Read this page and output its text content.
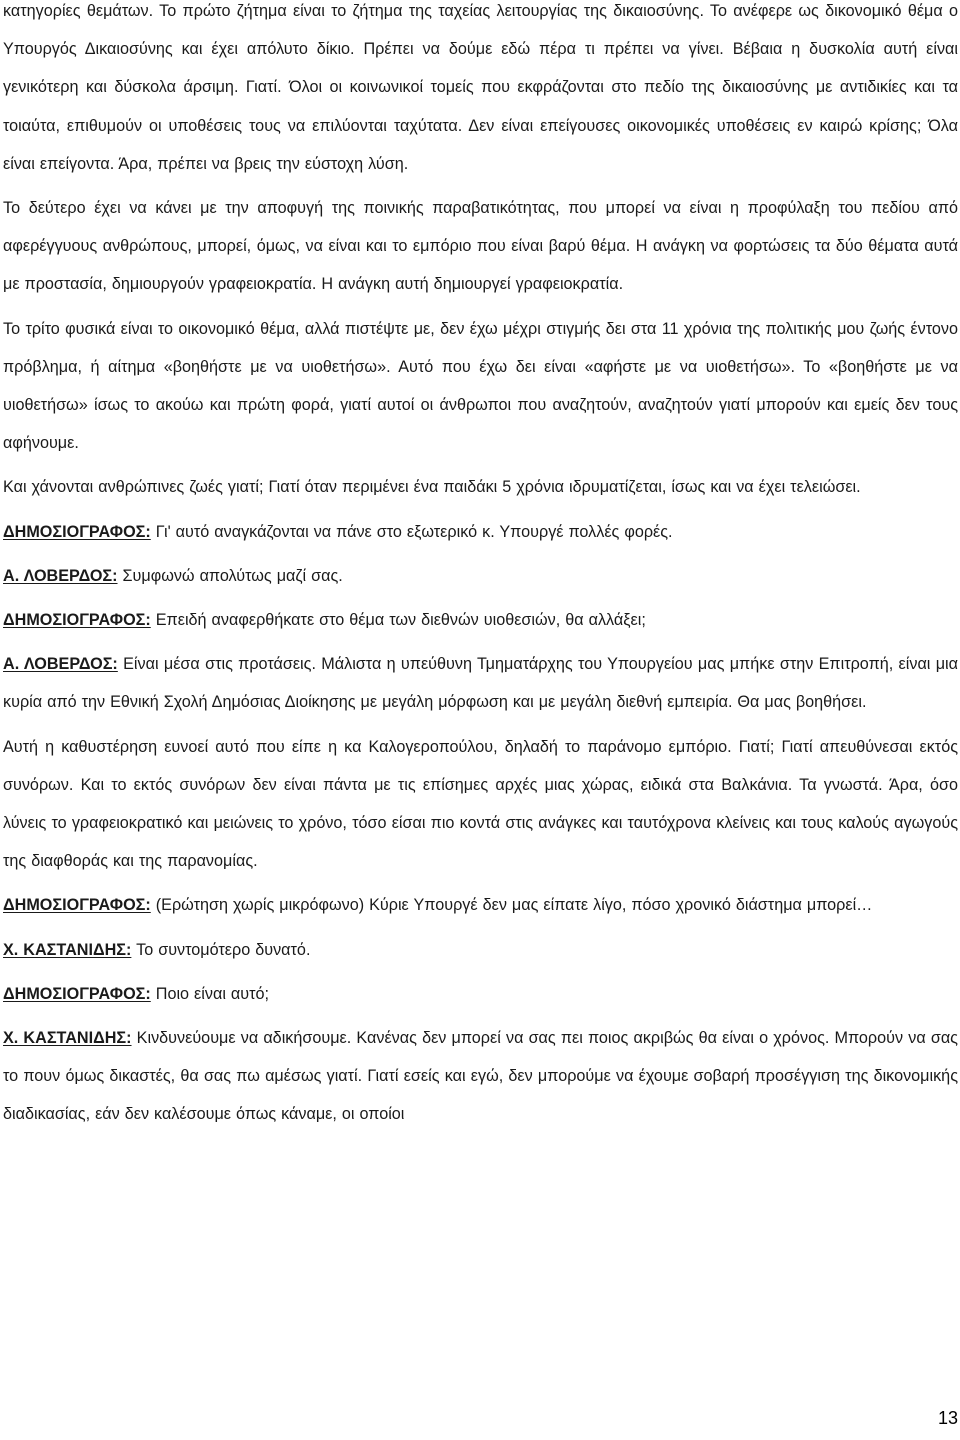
κατηγορίες θεμάτων. Το πρώτο ζήτημα είναι το ζήτημα της ταχείας λειτουργίας της δικαιοσύνης. Το ανέφερε ως δικονομικό θέμα ο Υπουργός Δικαιοσύνης και έχει απόλυτο δίκιο. Πρέπει να δούμε εδώ πέρα τι πρέπει να γίνει. Βέβαια η δυσκολία αυτή είναι γενικότερη και δύσκολα άρσιμη. Γιατί. Όλοι οι κοινωνικοί τομείς που εκφράζονται στο πεδίο της δικαιοσύνης με αντιδικίες και τα τοιαύτα, επιθυμούν οι υποθέσεις τους να επιλύονται ταχύτατα. Δεν είναι επείγουσες οικονομικές υποθέσεις εν καιρώ κρίσης; Όλα είναι επείγοντα. Άρα, πρέπει να βρεις την εύστοχη λύση.

Το δεύτερο έχει να κάνει με την αποφυγή της ποινικής παραβατικότητας, που μπορεί να είναι η προφύλαξη του πεδίου από αφερέγγυους ανθρώπους, μπορεί, όμως, να είναι και το εμπόριο που είναι βαρύ θέμα. Η ανάγκη να φορτώσεις τα δύο θέματα αυτά με προστασία, δημιουργούν γραφειοκρατία. Η ανάγκη αυτή δημιουργεί γραφειοκρατία.

Το τρίτο φυσικά είναι το οικονομικό θέμα, αλλά πιστέψτε με, δεν έχω μέχρι στιγμής δει στα 11 χρόνια της πολιτικής μου ζωής έντονο πρόβλημα, ή αίτημα «βοηθήστε με να υιοθετήσω». Αυτό που έχω δει είναι «αφήστε με να υιοθετήσω». Το «βοηθήστε με να υιοθετήσω» ίσως το ακούω και πρώτη φορά, γιατί αυτοί οι άνθρωποι που αναζητούν, αναζητούν γιατί μπορούν και εμείς δεν τους αφήνουμε.

Και χάνονται ανθρώπινες ζωές γιατί; Γιατί όταν περιμένει ένα παιδάκι 5 χρόνια ιδρυματίζεται, ίσως και να έχει τελειώσει.

ΔΗΜΟΣΙΟΓΡΑΦΟΣ: Γι' αυτό αναγκάζονται να πάνε στο εξωτερικό κ. Υπουργέ πολλές φορές.

Α. ΛΟΒΕΡΔΟΣ: Συμφωνώ απολύτως μαζί σας.

ΔΗΜΟΣΙΟΓΡΑΦΟΣ: Επειδή αναφερθήκατε στο θέμα των διεθνών υιοθεσιών, θα αλλάξει;

Α. ΛΟΒΕΡΔΟΣ: Είναι μέσα στις προτάσεις. Μάλιστα η υπεύθυνη Τμηματάρχης του Υπουργείου μας μπήκε στην Επιτροπή, είναι μια κυρία από την Εθνική Σχολή Δημόσιας Διοίκησης με μεγάλη μόρφωση και με μεγάλη διεθνή εμπειρία. Θα μας βοηθήσει.

Αυτή η καθυστέρηση ευνοεί αυτό που είπε η κα Καλογεροπούλου, δηλαδή το παράνομο εμπόριο. Γιατί; Γιατί απευθύνεσαι εκτός συνόρων. Και το εκτός συνόρων δεν είναι πάντα με τις επίσημες αρχές μιας χώρας, ειδικά στα Βαλκάνια. Τα γνωστά. Άρα, όσο λύνεις το γραφειοκρατικό και μειώνεις το χρόνο, τόσο είσαι πιο κοντά στις ανάγκες και ταυτόχρονα κλείνεις και τους καλούς αγωγούς της διαφθοράς και της παρανομίας.

ΔΗΜΟΣΙΟΓΡΑΦΟΣ: (Ερώτηση χωρίς μικρόφωνο) Κύριε Υπουργέ δεν μας είπατε λίγο, πόσο χρονικό διάστημα μπορεί…

Χ. ΚΑΣΤΑΝΙΔΗΣ: Το συντομότερο δυνατό.

ΔΗΜΟΣΙΟΓΡΑΦΟΣ: Ποιο είναι αυτό;

Χ. ΚΑΣΤΑΝΙΔΗΣ: Κινδυνεύουμε να αδικήσουμε. Κανένας δεν μπορεί να σας πει ποιος ακριβώς θα είναι ο χρόνος. Μπορούν να σας το πουν όμως δικαστές, θα σας πω αμέσως γιατί. Γιατί εσείς και εγώ, δεν μπορούμε να έχουμε σοβαρή προσέγγιση της δικονομικής διαδικασίας, εάν δεν καλέσουμε όπως κάναμε, οι οποίοι

13
